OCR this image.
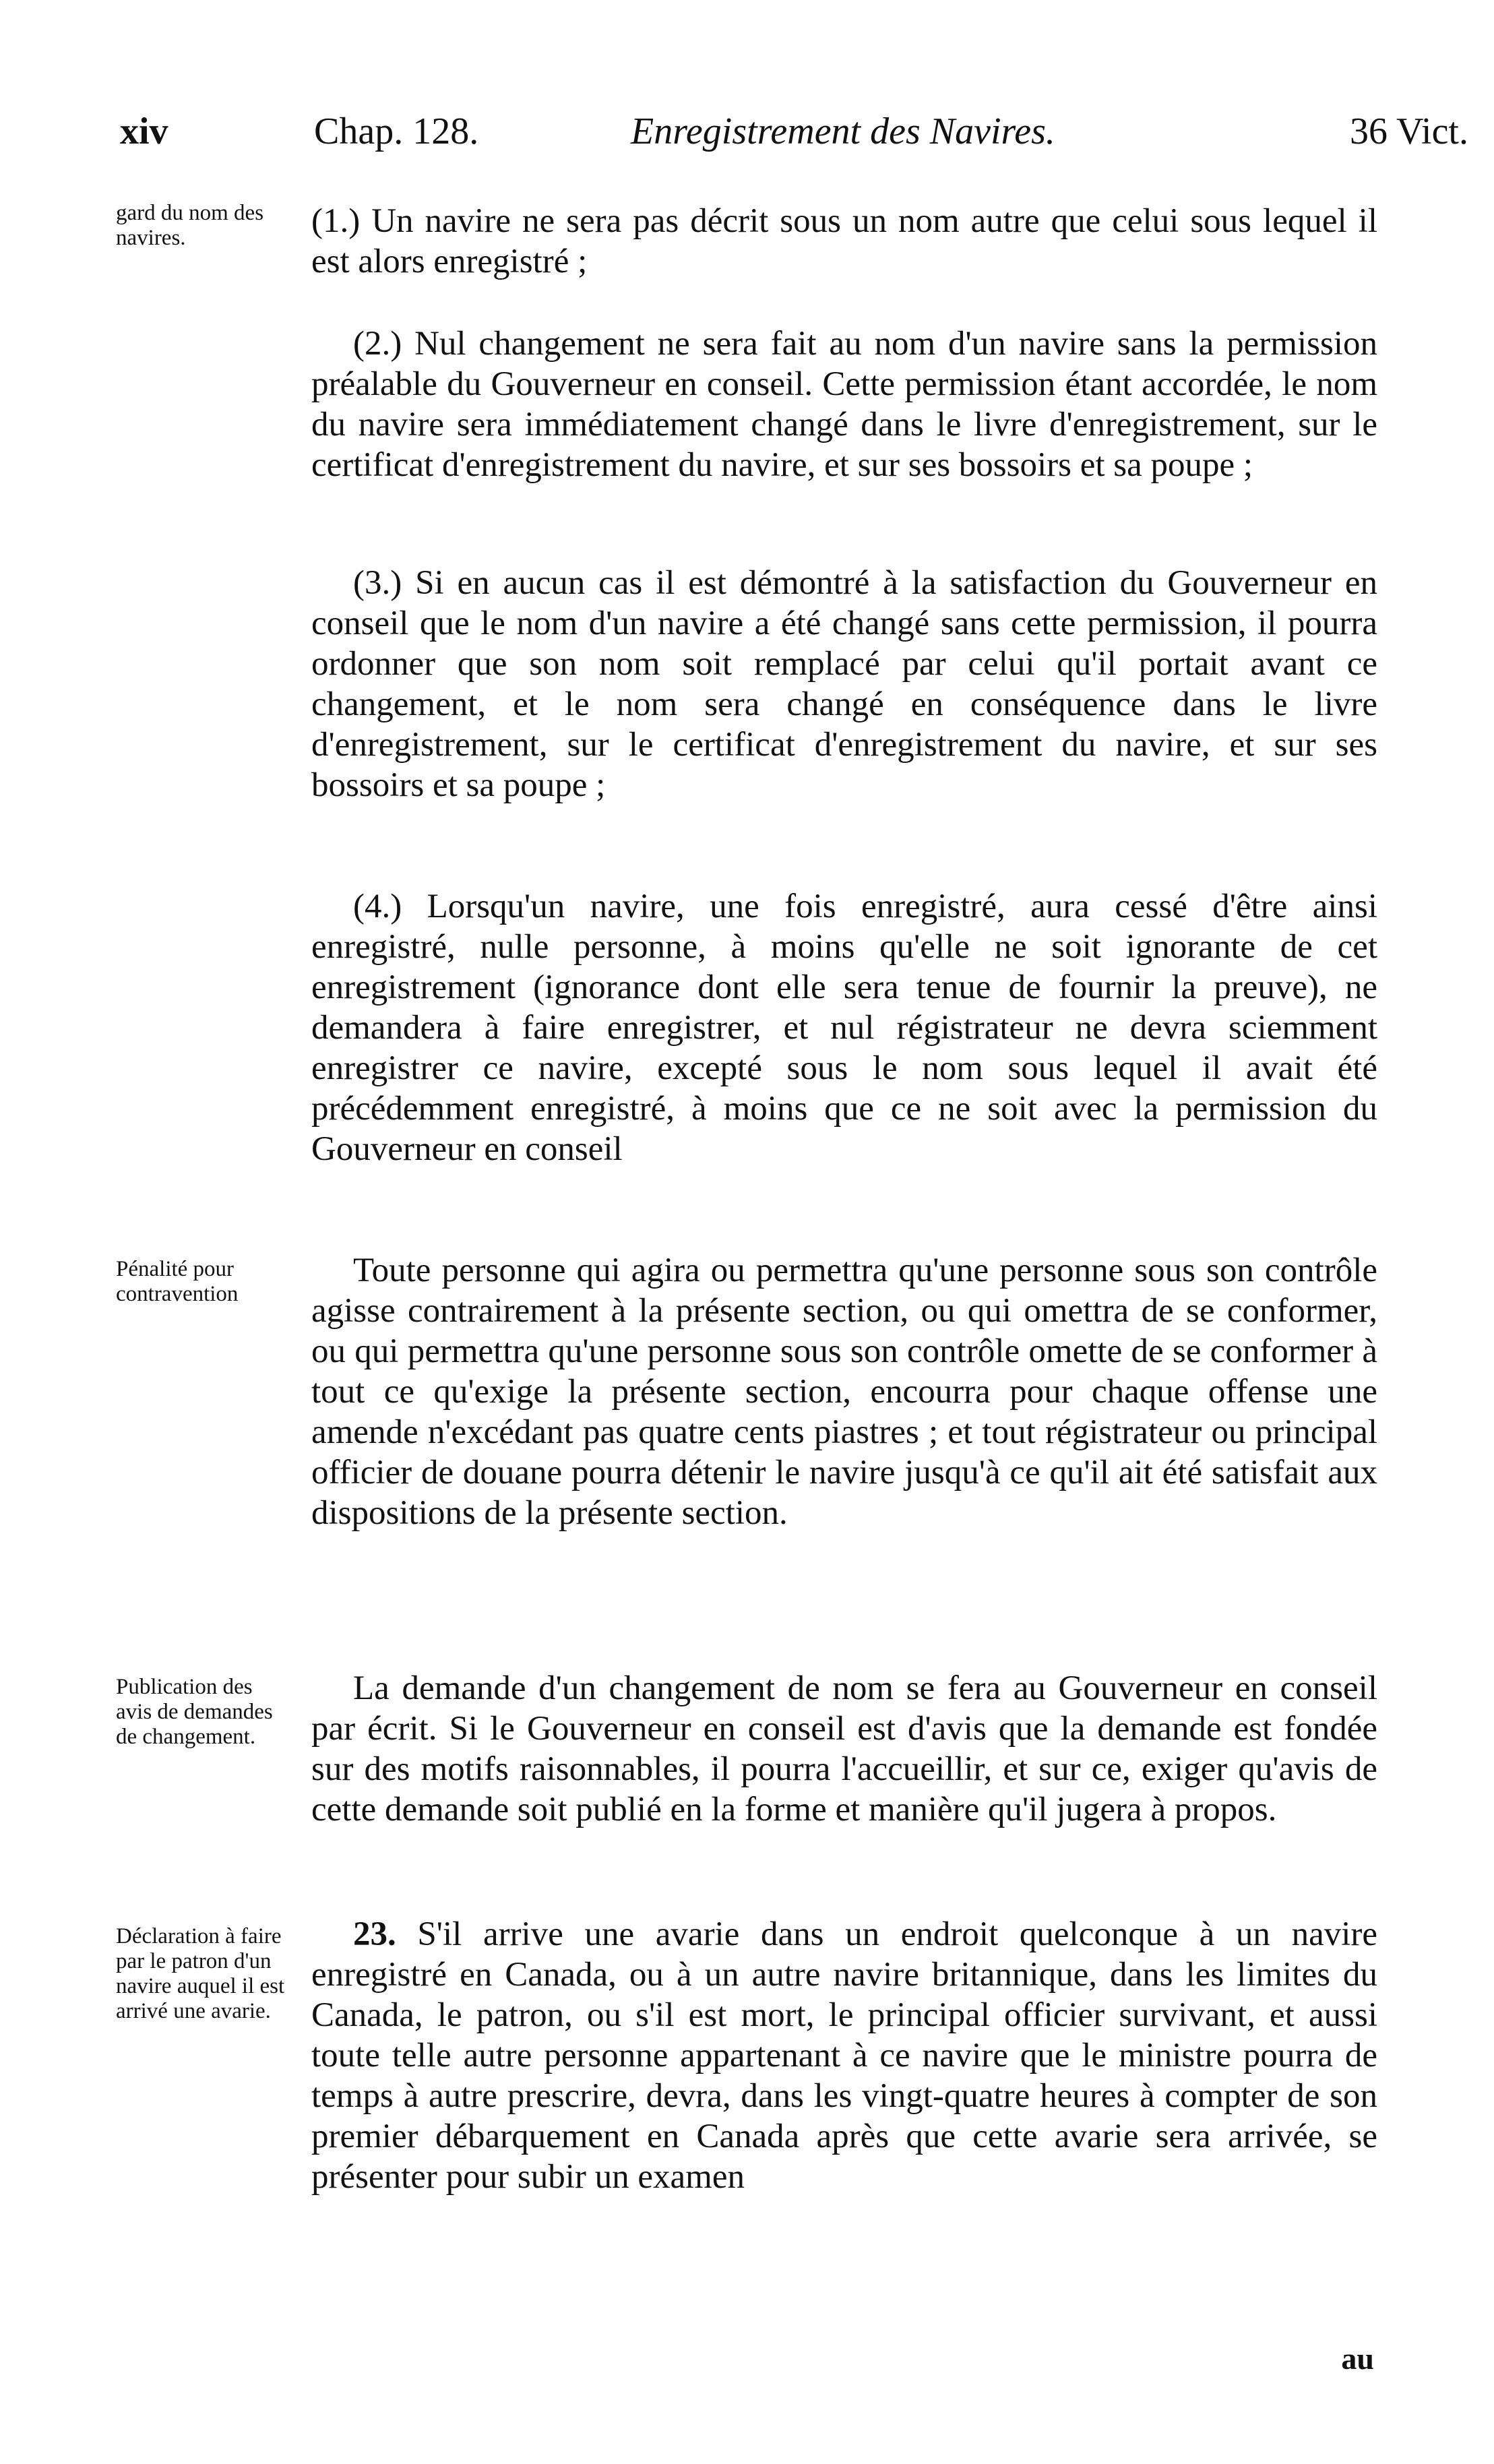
xiv	Chap. 128.	Enregistrement des Navires.	36 Vict.

gard du nom des navires.	(1.) Un navire ne sera pas décrit sous un nom autre que celui sous lequel il est alors enregistré ;

(2.) Nul changement ne sera fait au nom d'un navire sans la permission préalable du Gouverneur en conseil. Cette permission étant accordée, le nom du navire sera immédiatement changé dans le livre d'enregistrement, sur le certificat d'enregistrement du navire, et sur ses bossoirs et sa poupe ;

(3.) Si en aucun cas il est démontré à la satisfaction du Gouverneur en conseil que le nom d'un navire a été changé sans cette permission, il pourra ordonner que son nom soit remplacé par celui qu'il portait avant ce changement, et le nom sera changé en conséquence dans le livre d'enregistrement, sur le certificat d'enregistrement du navire, et sur ses bossoirs et sa poupe ;

(4.) Lorsqu'un navire, une fois enregistré, aura cessé d'être ainsi enregistré, nulle personne, à moins qu'elle ne soit ignorante de cet enregistrement (ignorance dont elle sera tenue de fournir la preuve), ne demandera à faire enregistrer, et nul régistrateur ne devra sciemment enregistrer ce navire, excepté sous le nom sous lequel il avait été précédemment enregistré, à moins que ce ne soit avec la permission du Gouverneur en conseil

Pénalité pour contravention

Toute personne qui agira ou permettra qu'une personne sous son contrôle agisse contrairement à la présente section, ou qui omettra de se conformer, ou qui permettra qu'une personne sous son contrôle omette de se conformer à tout ce qu'exige la présente section, encourra pour chaque offense une amende n'excédant pas quatre cents piastres ; et tout régistrateur ou principal officier de douane pourra détenir le navire jusqu'à ce qu'il ait été satisfait aux dispositions de la présente section.

Publication des avis de demandes de changement.

La demande d'un changement de nom se fera au Gouverneur en conseil par écrit. Si le Gouverneur en conseil est d'avis que la demande est fondée sur des motifs raisonnables, il pourra l'accueillir, et sur ce, exiger qu'avis de cette demande soit publié en la forme et manière qu'il jugera à propos.

Déclaration à faire par le patron d'un navire auquel il est arrivé une avarie.

23. S'il arrive une avarie dans un endroit quelconque à un navire enregistré en Canada, ou à un autre navire britannique, dans les limites du Canada, le patron, ou s'il est mort, le principal officier survivant, et aussi toute telle autre personne appartenant à ce navire que le ministre pourra de temps à autre prescrire, devra, dans les vingt-quatre heures à compter de son premier débarquement en Canada après que cette avarie sera arrivée, se présenter pour subir un examen

au
